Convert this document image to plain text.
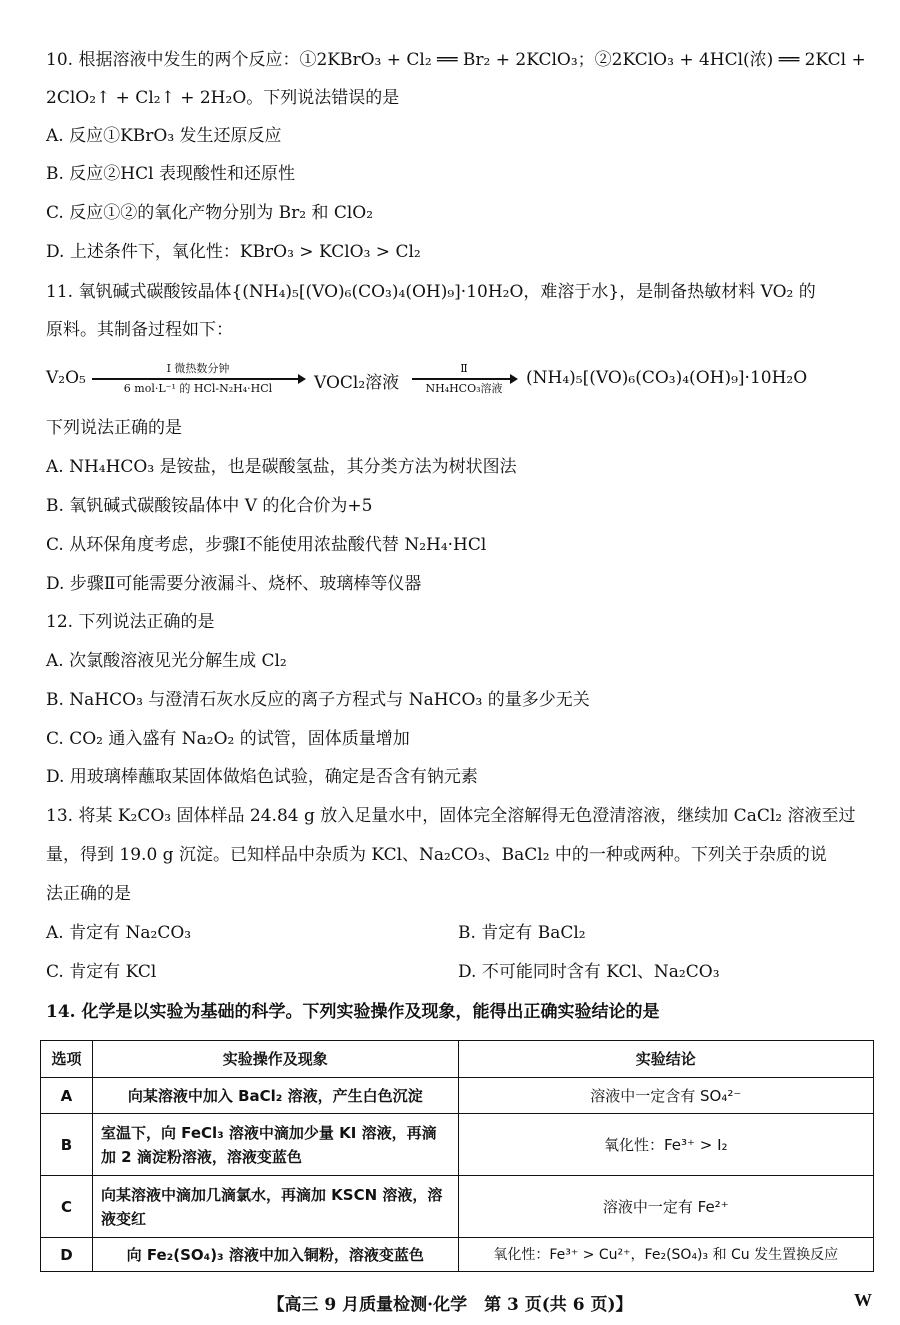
10. 根据溶液中发生的两个反应：①2KBrO₃ + Cl₂ ══ Br₂ + 2KClO₃；②2KClO₃ + 4HCl(浓) ══ 2KCl +
2ClO₂↑ + Cl₂↑ + 2H₂O。下列说法错误的是
A. 反应①KBrO₃ 发生还原反应
B. 反应②HCl 表现酸性和还原性
C. 反应①②的氧化产物分别为 Br₂ 和 ClO₂
D. 上述条件下，氧化性：KBrO₃ > KClO₃ > Cl₂
11. 氧钒碱式碳酸铵晶体{(NH₄)₅[(VO)₆(CO₃)₄(OH)₉]·10H₂O，难溶于水}，是制备热敏材料 VO₂ 的
原料。其制备过程如下：
V₂O₅	Ⅰ 微热数分钟
6 mol·L⁻¹ 的 HCl-N₂H₄·HCl	VOCl₂溶液
Ⅱ
NH₄HCO₃溶液
(NH₄)₅[(VO)₆(CO₃)₄(OH)₉]·10H₂O
下列说法正确的是
A. NH₄HCO₃ 是铵盐，也是碳酸氢盐，其分类方法为树状图法
B. 氧钒碱式碳酸铵晶体中 V 的化合价为+5
C. 从环保角度考虑，步骤Ⅰ不能使用浓盐酸代替 N₂H₄·HCl
D. 步骤Ⅱ可能需要分液漏斗、烧杯、玻璃棒等仪器
12. 下列说法正确的是
A. 次氯酸溶液见光分解生成 Cl₂
B. NaHCO₃ 与澄清石灰水反应的离子方程式与 NaHCO₃ 的量多少无关
C. CO₂ 通入盛有 Na₂O₂ 的试管，固体质量增加
D. 用玻璃棒蘸取某固体做焰色试验，确定是否含有钠元素
13. 将某 K₂CO₃ 固体样品 24.84 g 放入足量水中，固体完全溶解得无色澄清溶液，继续加 CaCl₂ 溶液至过
量，得到 19.0 g 沉淀。已知样品中杂质为 KCl、Na₂CO₃、BaCl₂ 中的一种或两种。下列关于杂质的说
法正确的是
A. 肯定有 Na₂CO₃	B. 肯定有 BaCl₂
C. 肯定有 KCl	D. 不可能同时含有 KCl、Na₂CO₃
14. 化学是以实验为基础的科学。下列实验操作及现象，能得出正确实验结论的是
选项	实验操作及现象	实验结论
A	向某溶液中加入 BaCl₂ 溶液，产生白色沉淀	溶液中一定含有 SO₄²⁻
B	室温下，向 FeCl₃ 溶液中滴加少量 KI 溶液，再滴加 2 滴淀粉溶液，溶液变蓝色	氧化性：Fe³⁺ > I₂
C	向某溶液中滴加几滴氯水，再滴加 KSCN 溶液，溶液变红	溶液中一定有 Fe²⁺
D	向 Fe₂(SO₄)₃ 溶液中加入铜粉，溶液变蓝色	氧化性：Fe³⁺ > Cu²⁺，Fe₂(SO₄)₃ 和 Cu 发生置换反应
【高三 9 月质量检测·化学　第 3 页(共 6 页)】	W
